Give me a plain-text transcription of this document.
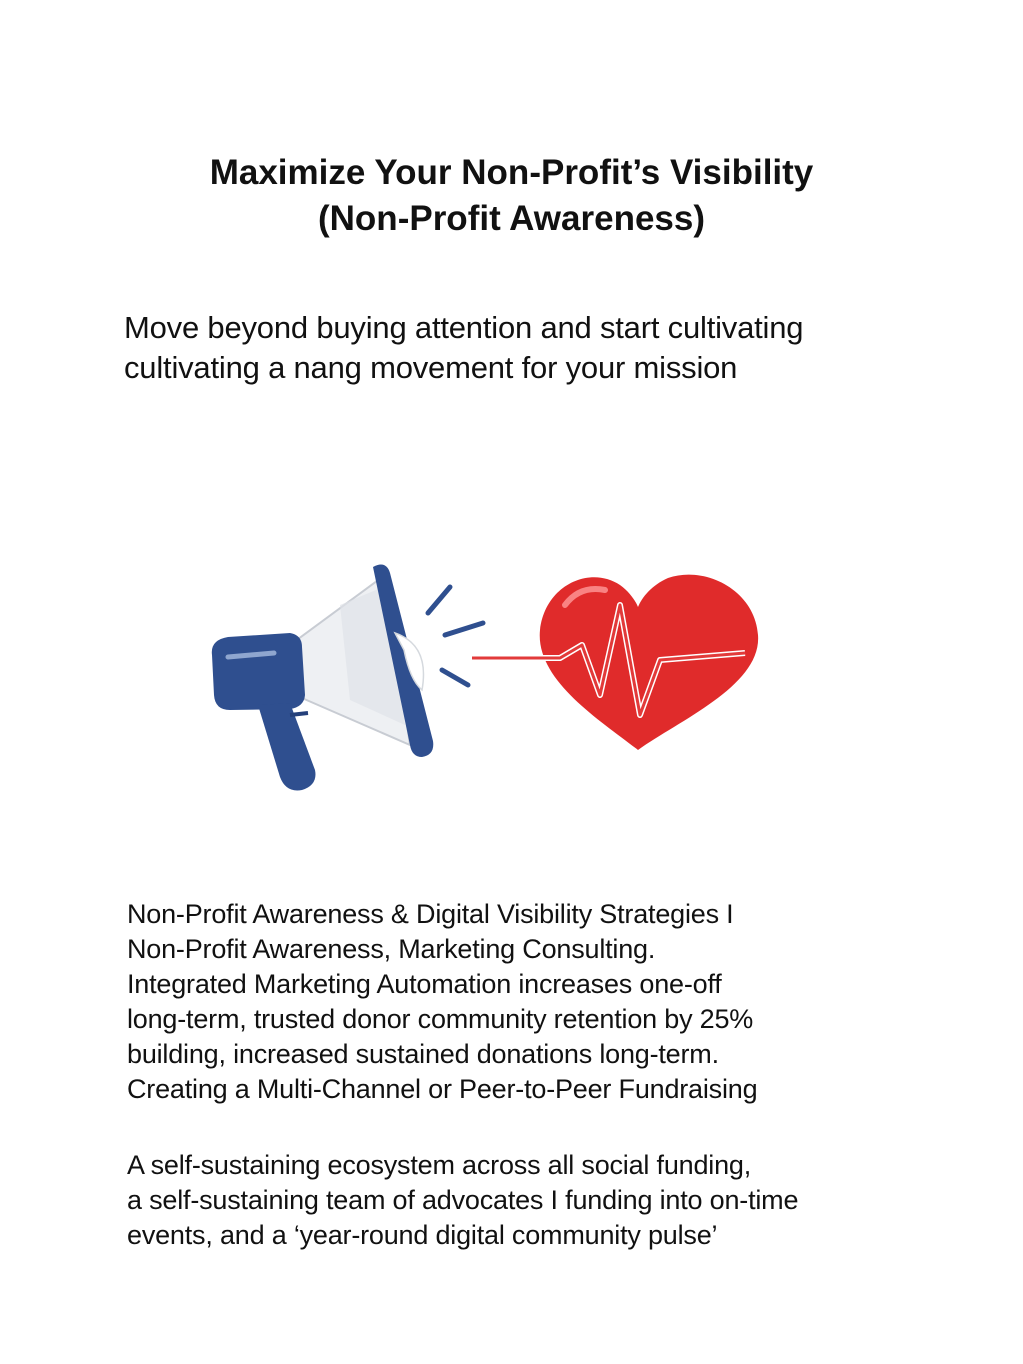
Maximize Your Non-Profit’s Visibility
(Non-Profit Awareness)
Move beyond buying attention and start cultivating
cultivating a nang movement for your mission
Non-Profit Awareness & Digital Visibility Strategies I
Non-Profit Awareness, Marketing Consulting.
Integrated Marketing Automation increases one-off
long-term, trusted donor community retention by 25%
building, increased sustained donations long-term.
Creating a Multi-Channel or Peer-to-Peer Fundraising
A self-sustaining ecosystem across all social funding,
a self-sustaining team of advocates I funding into on-time
events, and a ‘year-round digital community pulse’
